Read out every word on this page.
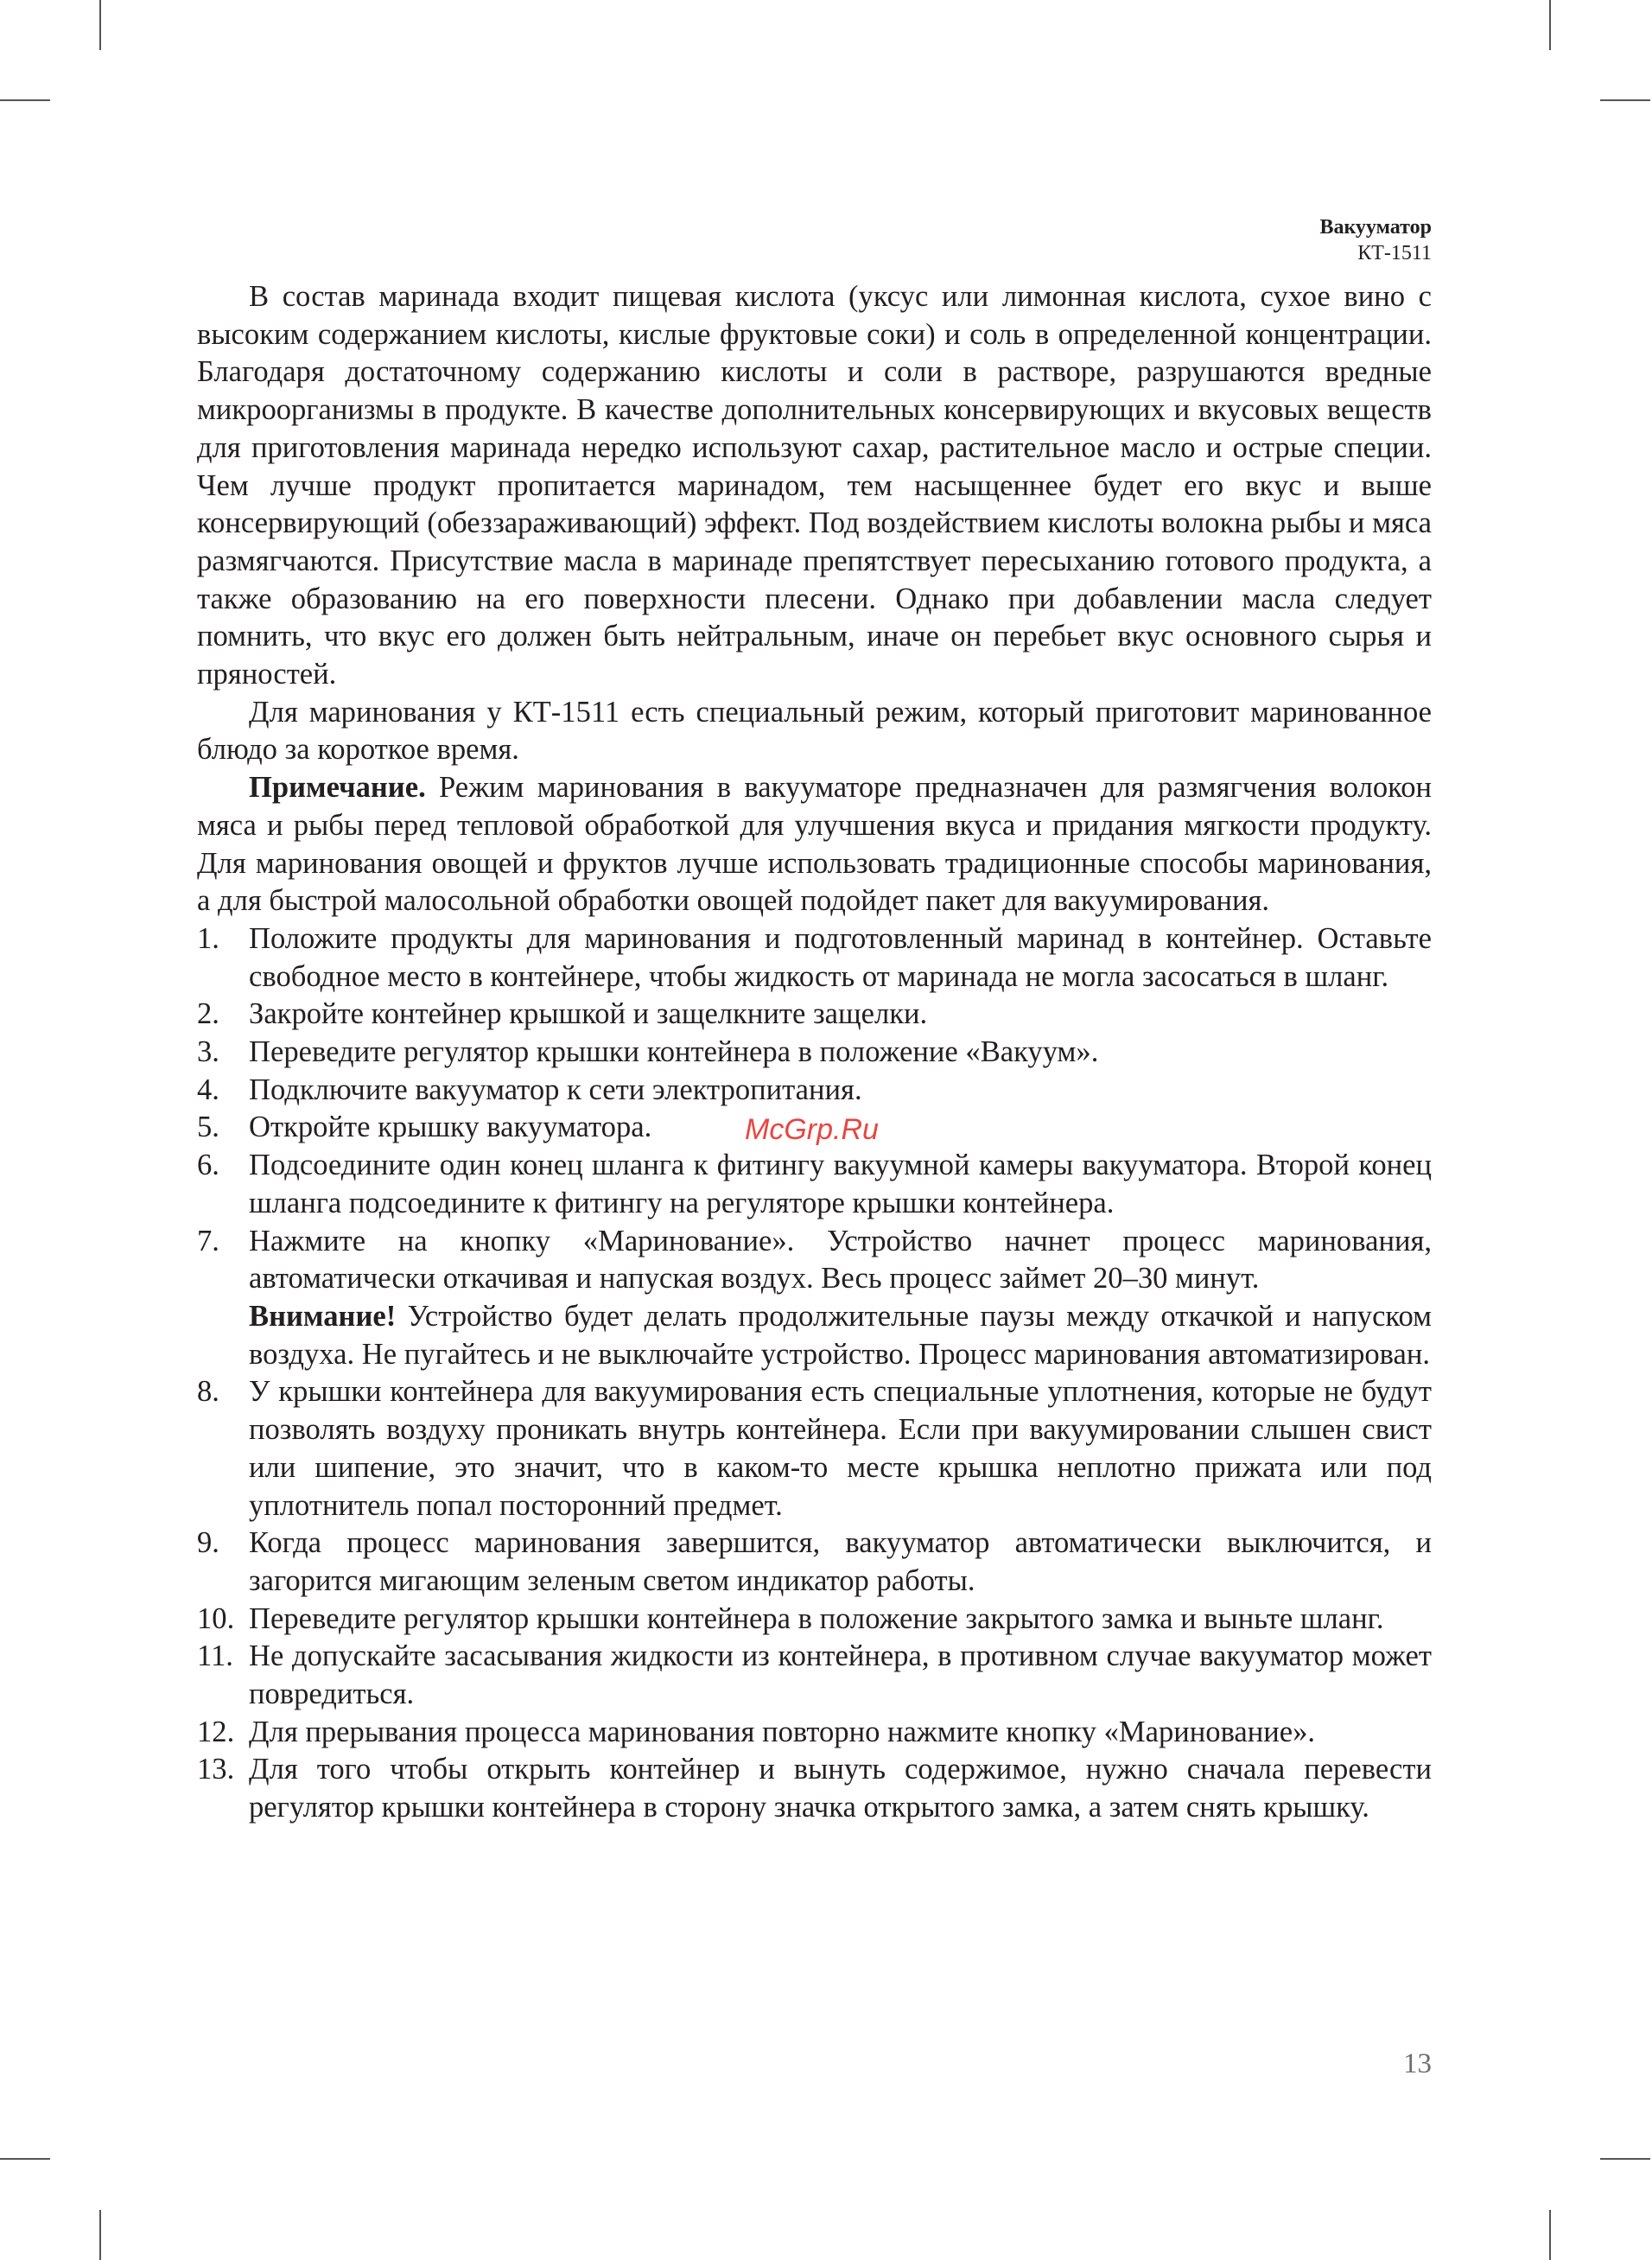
Вакууматор
КТ-1511

В состав маринада входит пищевая кислота (уксус или лимонная кислота, сухое вино с высоким содержанием кислоты, кислые фруктовые соки) и соль в определенной концентрации. Благодаря достаточному содержанию кислоты и соли в растворе, разрушаются вредные микроорганизмы в продукте. В качестве дополнительных консервирующих и вкусовых веществ для приготовления маринада нередко используют сахар, растительное масло и острые специи. Чем лучше продукт пропитается маринадом, тем насыщеннее будет его вкус и выше консервирующий (обеззараживающий) эффект. Под воздействием кислоты волокна рыбы и мяса размягчаются. Присутствие масла в маринаде препятствует пересыханию готового продукта, а также образованию на его поверхности плесени. Однако при добавлении масла следует помнить, что вкус его должен быть нейтральным, иначе он перебьет вкус основного сырья и пряностей.

Для маринования у КТ-1511 есть специальный режим, который приготовит маринованное блюдо за короткое время.

Примечание. Режим маринования в вакууматоре предназначен для размягчения волокон мяса и рыбы перед тепловой обработкой для улучшения вкуса и придания мягкости продукту. Для маринования овощей и фруктов лучше использовать традиционные способы маринования, а для быстрой малосольной обработки овощей подойдет пакет для вакуумирования.

1. Положите продукты для маринования и подготовленный маринад в контейнер. Оставьте свободное место в контейнере, чтобы жидкость от маринада не могла засосаться в шланг.
2. Закройте контейнер крышкой и защелкните защелки.
3. Переведите регулятор крышки контейнера в положение «Вакуум».
4. Подключите вакууматор к сети электропитания.
5. Откройте крышку вакууматора.
6. Подсоедините один конец шланга к фитингу вакуумной камеры вакууматора. Второй конец шланга подсоедините к фитингу на регуляторе крышки контейнера.
7. Нажмите на кнопку «Маринование». Устройство начнет процесс маринования, автоматически откачивая и напуская воздух. Весь процесс займет 20–30 минут.
Внимание! Устройство будет делать продолжительные паузы между откачкой и напуском воздуха. Не пугайтесь и не выключайте устройство. Процесс маринования автоматизирован.
8. У крышки контейнера для вакуумирования есть специальные уплотнения, которые не будут позволять воздуху проникать внутрь контейнера. Если при вакуумировании слышен свист или шипение, это значит, что в каком-то месте крышка неплотно прижата или под уплотнитель попал посторонний предмет.
9. Когда процесс маринования завершится, вакууматор автоматически выключится, и загорится мигающим зеленым светом индикатор работы.
10. Переведите регулятор крышки контейнера в положение закрытого замка и выньте шланг.
11. Не допускайте засасывания жидкости из контейнера, в противном случае вакууматор может повредиться.
12. Для прерывания процесса маринования повторно нажмите кнопку «Маринование».
13. Для того чтобы открыть контейнер и вынуть содержимое, нужно сначала перевести регулятор крышки контейнера в сторону значка открытого замка, а затем снять крышку.
McGrp.Ru
13
